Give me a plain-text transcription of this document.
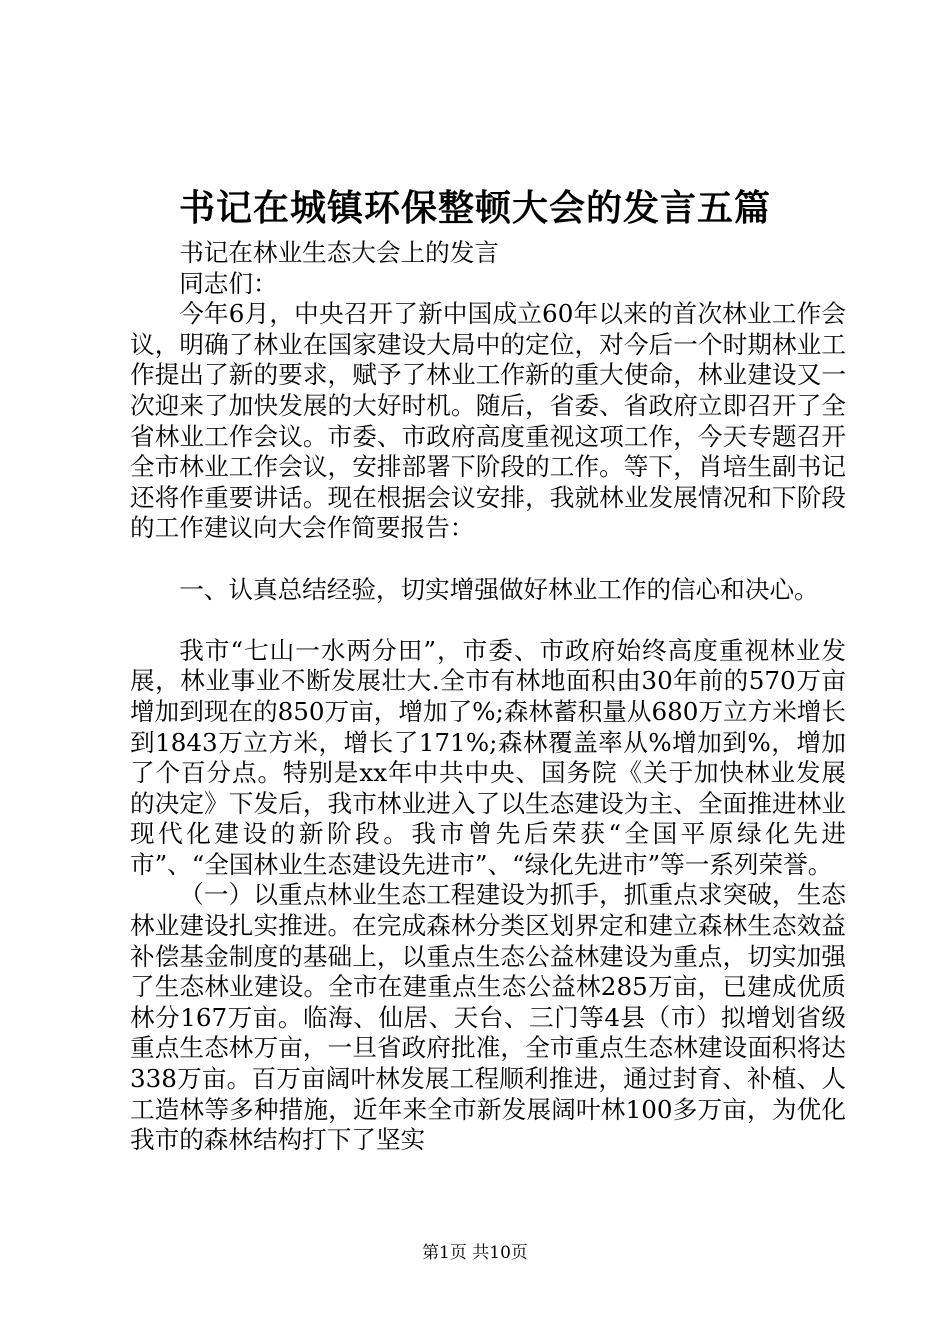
书记在城镇环保整顿大会的发言五篇

书记在林业生态大会上的发言

同志们：

今年6月，中央召开了新中国成立60年以来的首次林业工作会议，明确了林业在国家建设大局中的定位，对今后一个时期林业工作提出了新的要求，赋予了林业工作新的重大使命，林业建设又一次迎来了加快发展的大好时机。随后，省委、省政府立即召开了全省林业工作会议。市委、市政府高度重视这项工作，今天专题召开全市林业工作会议，安排部署下阶段的工作。等下，肖培生副书记还将作重要讲话。现在根据会议安排，我就林业发展情况和下阶段的工作建议向大会作简要报告：

一、认真总结经验，切实增强做好林业工作的信心和决心。

我市“七山一水两分田”，市委、市政府始终高度重视林业发展，林业事业不断发展壮大.全市有林地面积由30年前的570万亩增加到现在的850万亩，增加了%;森林蓄积量从680万立方米增长到1843万立方米，增长了171%;森林覆盖率从%增加到%，增加了个百分点。特别是xx年中共中央、国务院《关于加快林业发展的决定》下发后，我市林业进入了以生态建设为主、全面推进林业现代化建设的新阶段。我市曾先后荣获“全国平原绿化先进市”、“全国林业生态建设先进市”、“绿化先进市”等一系列荣誉。

（一）以重点林业生态工程建设为抓手，抓重点求突破，生态林业建设扎实推进。在完成森林分类区划界定和建立森林生态效益补偿基金制度的基础上，以重点生态公益林建设为重点，切实加强了生态林业建设。全市在建重点生态公益林285万亩，已建成优质林分167万亩。临海、仙居、天台、三门等4县（市）拟增划省级重点生态林万亩，一旦省政府批准，全市重点生态林建设面积将达338万亩。百万亩阔叶林发展工程顺利推进，通过封育、补植、人工造林等多种措施，近年来全市新发展阔叶林100多万亩，为优化我市的森林结构打下了坚实

第1页 共10页
